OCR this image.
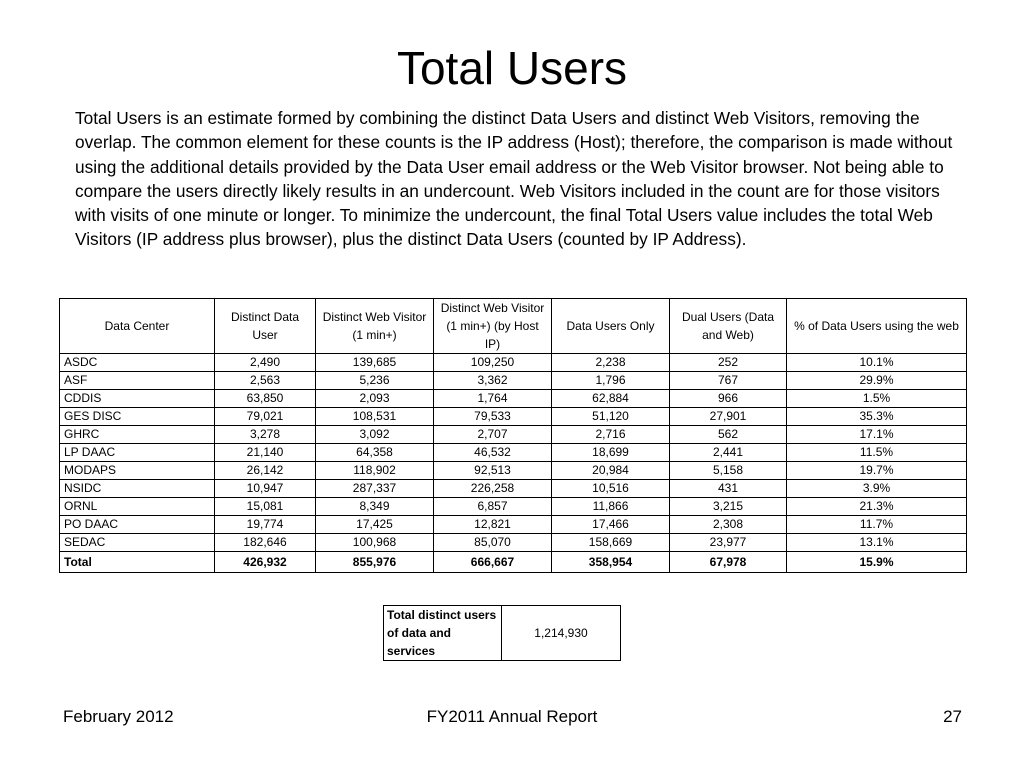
Total Users
Total Users is an estimate formed by combining the distinct Data Users and distinct Web Visitors, removing the overlap. The common element for these counts is the IP address (Host); therefore, the comparison is made without using the additional details provided by the Data User email address or the Web Visitor browser. Not being able to compare the users directly likely results in an undercount. Web Visitors included in the count are for those visitors with visits of one minute or longer. To minimize the undercount, the final Total Users value includes the total Web Visitors (IP address plus browser), plus the distinct Data Users (counted by IP Address).
Data Center	Distinct Data User	Distinct Web Visitor (1 min+)	Distinct Web Visitor (1 min+) (by Host IP)	Data Users Only	Dual Users (Data and Web)	% of Data Users using the web
ASDC	2,490	139,685	109,250	2,238	252	10.1%
ASF	2,563	5,236	3,362	1,796	767	29.9%
CDDIS	63,850	2,093	1,764	62,884	966	1.5%
GES DISC	79,021	108,531	79,533	51,120	27,901	35.3%
GHRC	3,278	3,092	2,707	2,716	562	17.1%
LP DAAC	21,140	64,358	46,532	18,699	2,441	11.5%
MODAPS	26,142	118,902	92,513	20,984	5,158	19.7%
NSIDC	10,947	287,337	226,258	10,516	431	3.9%
ORNL	15,081	8,349	6,857	11,866	3,215	21.3%
PO DAAC	19,774	17,425	12,821	17,466	2,308	11.7%
SEDAC	182,646	100,968	85,070	158,669	23,977	13.1%
Total	426,932	855,976	666,667	358,954	67,978	15.9%
Total distinct users of data and services	1,214,930
February 2012	FY2011 Annual Report	27
